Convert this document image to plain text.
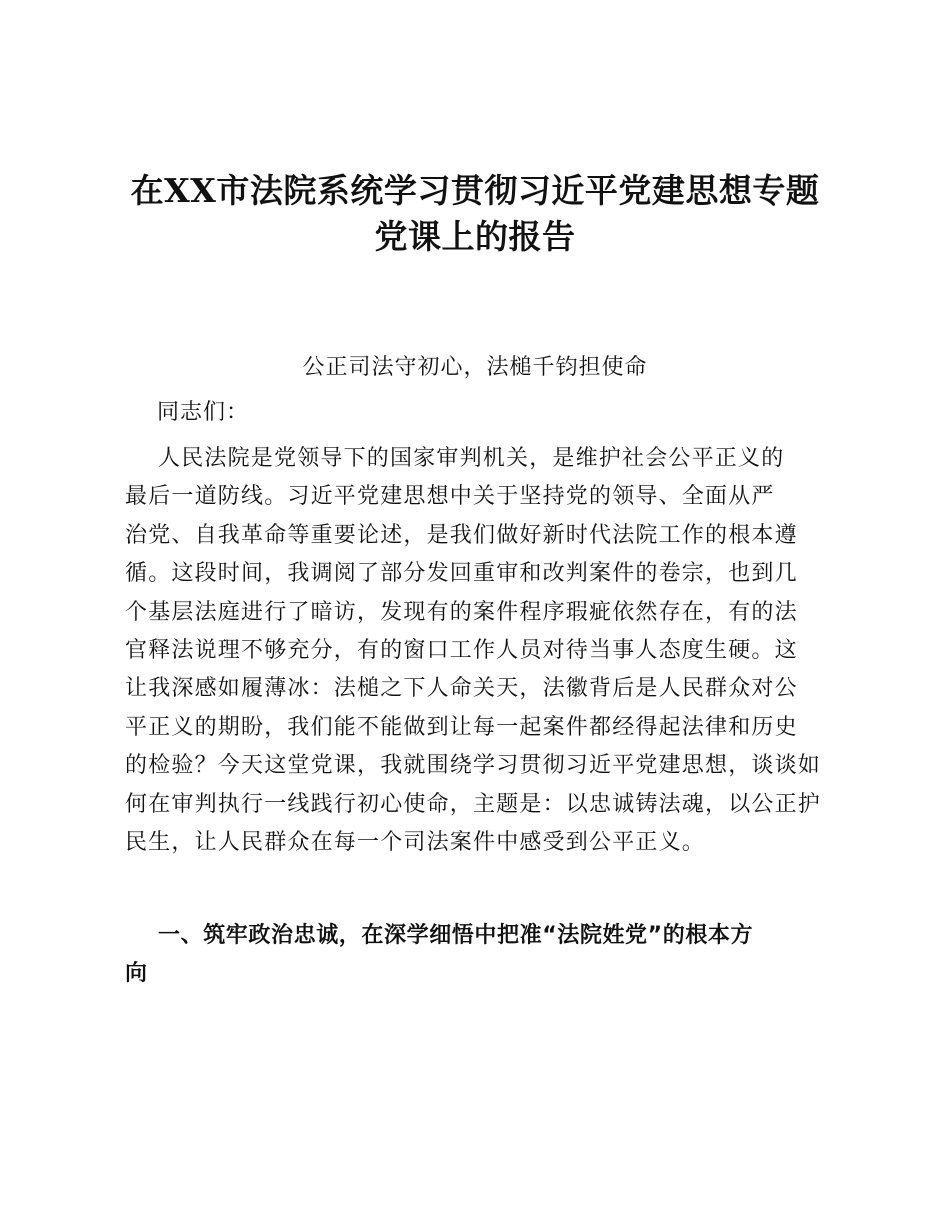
在XX市法院系统学习贯彻习近平党建思想专题
党课上的报告
公正司法守初心，法槌千钧担使命
同志们：
人民法院是党领导下的国家审判机关，是维护社会公平正义的
最后一道防线。习近平党建思想中关于坚持党的领导、全面从严
治党、自我革命等重要论述，是我们做好新时代法院工作的根本遵
循。这段时间，我调阅了部分发回重审和改判案件的卷宗，也到几
个基层法庭进行了暗访，发现有的案件程序瑕疵依然存在，有的法
官释法说理不够充分，有的窗口工作人员对待当事人态度生硬。这
让我深感如履薄冰：法槌之下人命关天，法徽背后是人民群众对公
平正义的期盼，我们能不能做到让每一起案件都经得起法律和历史
的检验？今天这堂党课，我就围绕学习贯彻习近平党建思想，谈谈如
何在审判执行一线践行初心使命，主题是：以忠诚铸法魂，以公正护
民生，让人民群众在每一个司法案件中感受到公平正义。
一、筑牢政治忠诚，在深学细悟中把准“法院姓党”的根本方
向
